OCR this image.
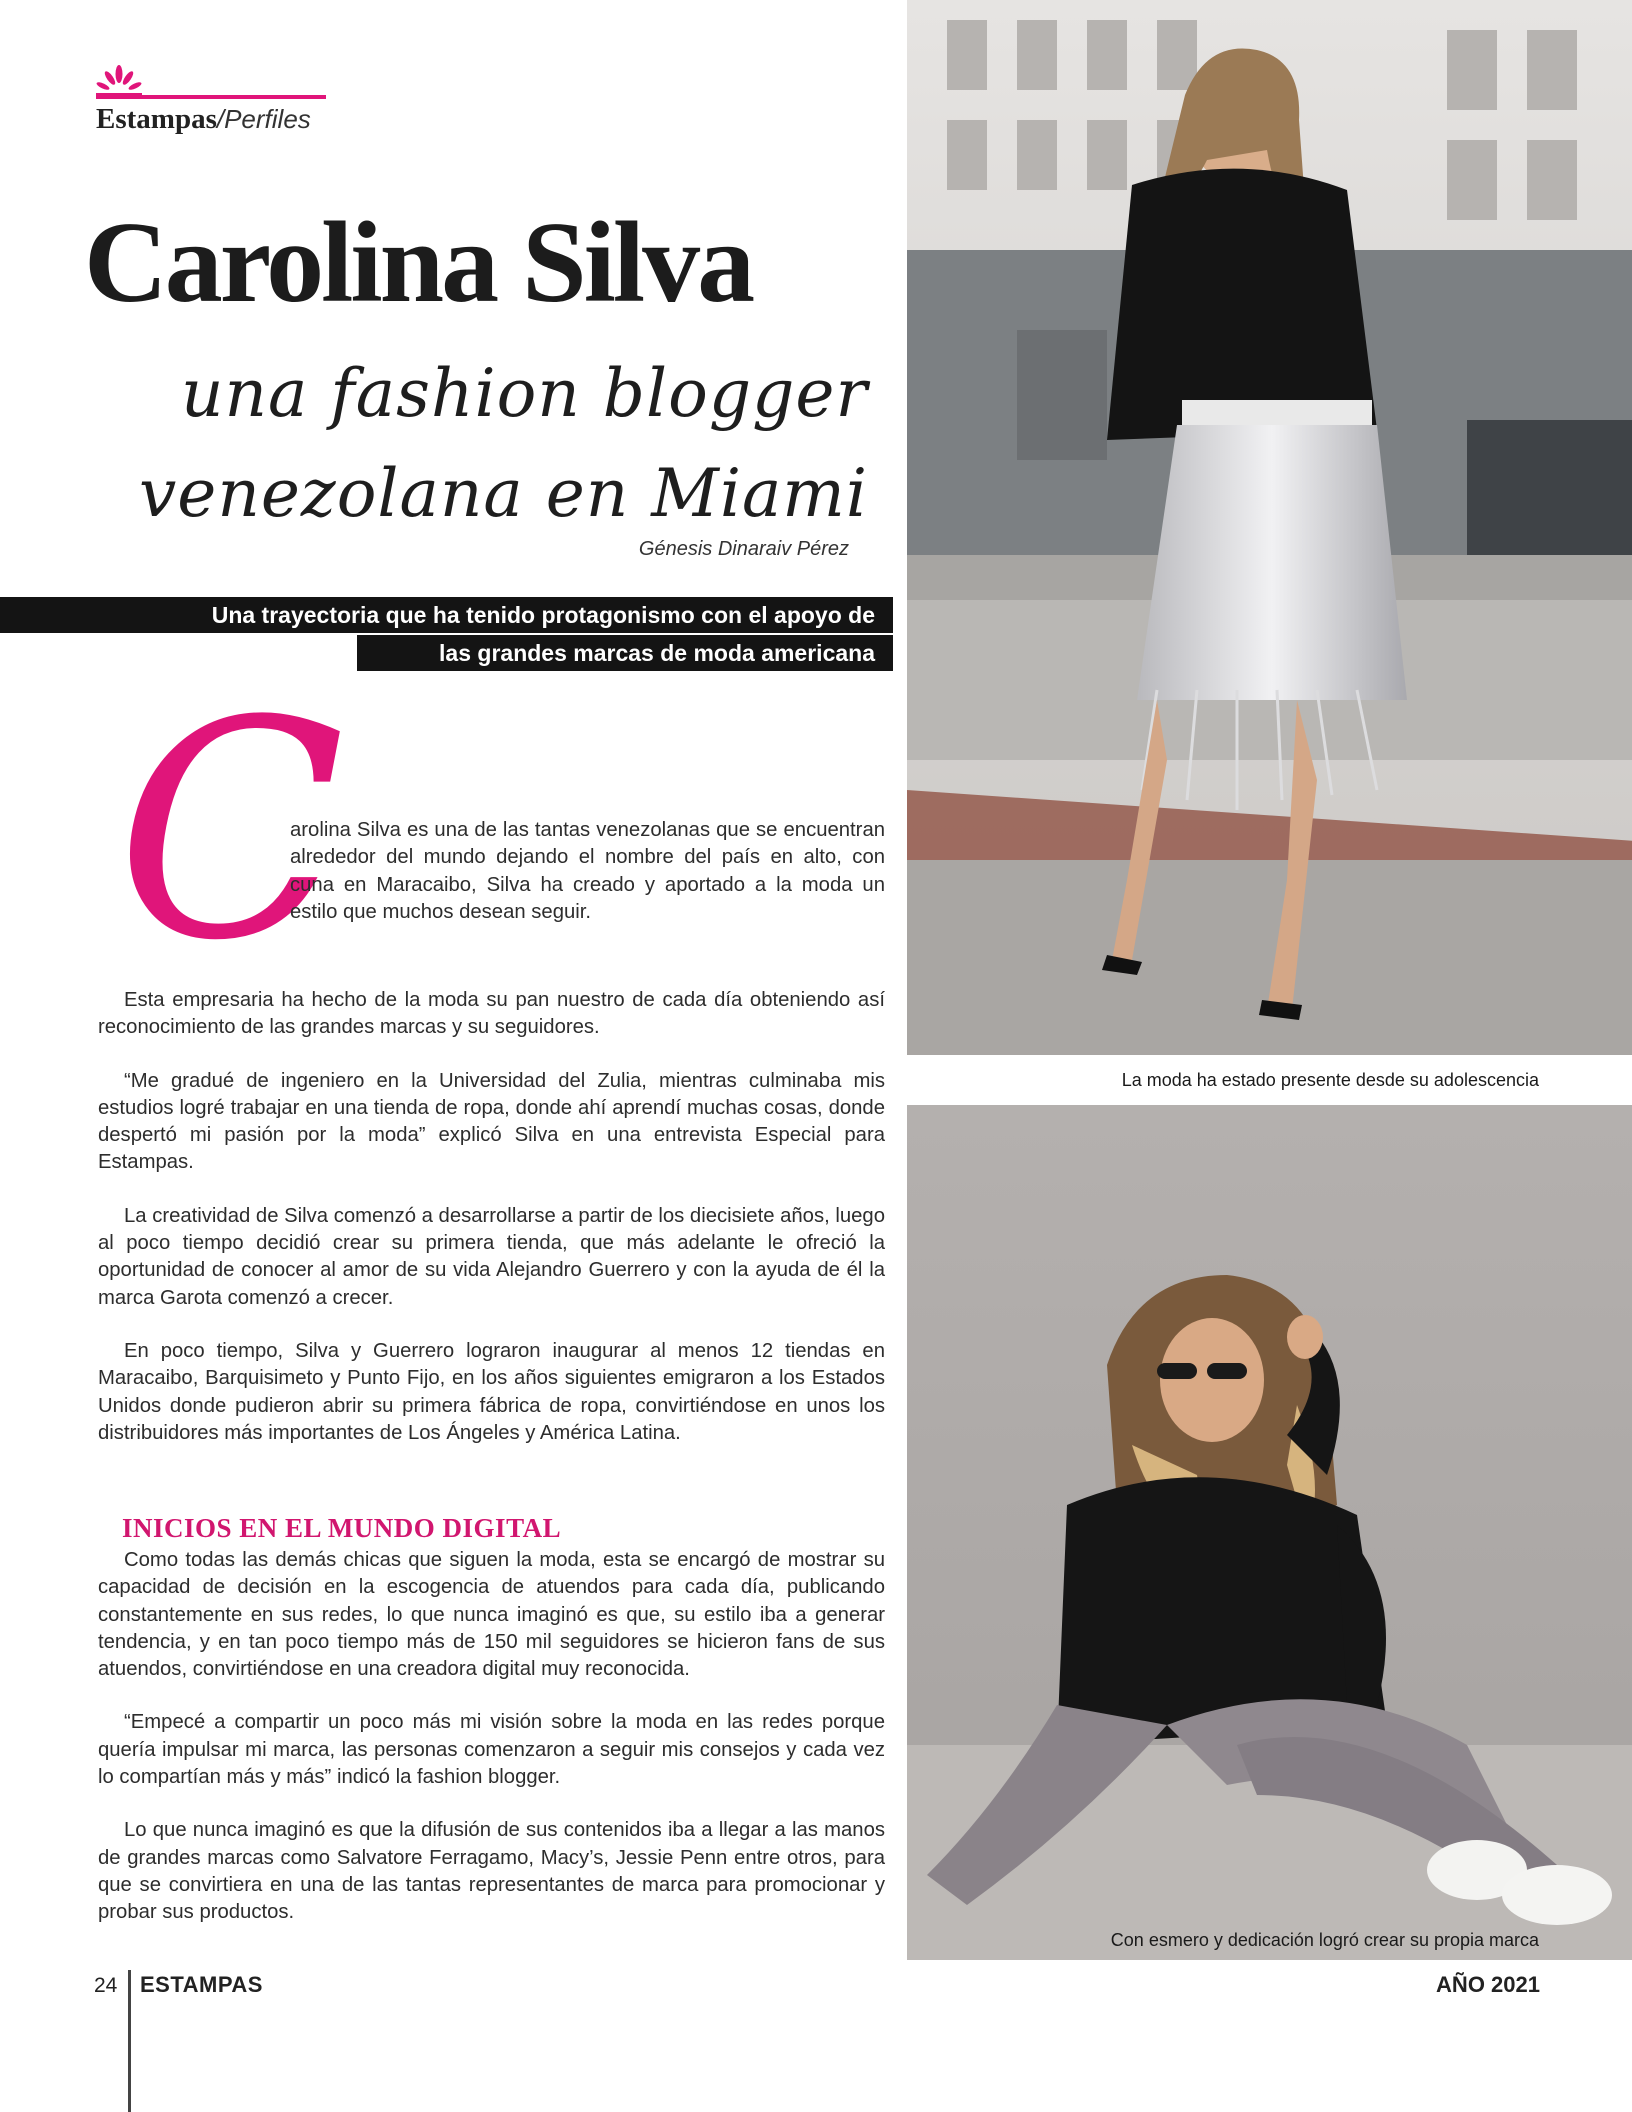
Estampas/Perfiles
Carolina Silva
una fashion blogger
venezolana en Miami
Génesis Dinaraiv Pérez
Una trayectoria que ha tenido protagonismo con el apoyo de
las grandes marcas de moda americana
C

arolina Silva es una de las tantas venezolanas que se encuentran alrededor del mundo dejando el nombre del país en alto, con cuna en Maracaibo, Silva ha creado y aportado a la moda un estilo que muchos desean seguir.

Esta empresaria ha hecho de la moda su pan nuestro de cada día obteniendo así reconocimiento de las grandes marcas y su seguidores.

“Me gradué de ingeniero en la Universidad del Zulia, mientras culminaba mis estudios logré trabajar en una tienda de ropa, donde ahí aprendí muchas cosas, donde despertó mi pasión por la moda” explicó Silva en una entrevista Especial para Estampas.

La creatividad de Silva comenzó a desarrollarse a partir de los diecisiete años, luego al poco tiempo decidió crear su primera tienda, que más adelante le ofreció la oportunidad de conocer al amor de su vida Alejandro Guerrero y con la ayuda de él la marca Garota comenzó a crecer.

En poco tiempo, Silva y Guerrero lograron inaugurar al menos 12 tiendas en Maracaibo, Barquisimeto y Punto Fijo, en los años siguientes emigraron a los Estados Unidos donde pudieron abrir su primera fábrica de ropa, convirtiéndose en unos los distribuidores más importantes de Los Ángeles y América Latina.

INICIOS EN EL MUNDO DIGITAL

Como todas las demás chicas que siguen la moda, esta se encargó de mostrar su capacidad de decisión en la escogencia de atuendos para cada día, publicando constantemente en sus redes, lo que nunca imaginó es que, su estilo iba a generar tendencia, y en tan poco tiempo más de 150 mil seguidores se hicieron fans de sus atuendos, convirtiéndose en una creadora digital muy reconocida.

“Empecé a compartir un poco más mi visión sobre la moda en las redes porque quería impulsar mi marca, las personas comenzaron a seguir mis consejos y cada vez lo compartían más y más” indicó la fashion blogger.

Lo que nunca imaginó es que la difusión de sus contenidos iba a llegar a las manos de grandes marcas como Salvatore Ferragamo, Macy’s, Jessie Penn entre otros, para que se convirtiera en una de las tantas representantes de marca para promocionar y probar sus productos.

La moda ha estado presente desde su adolescencia
Con esmero y dedicación logró crear su propia marca
24 ESTAMPAS	AÑO 2021
